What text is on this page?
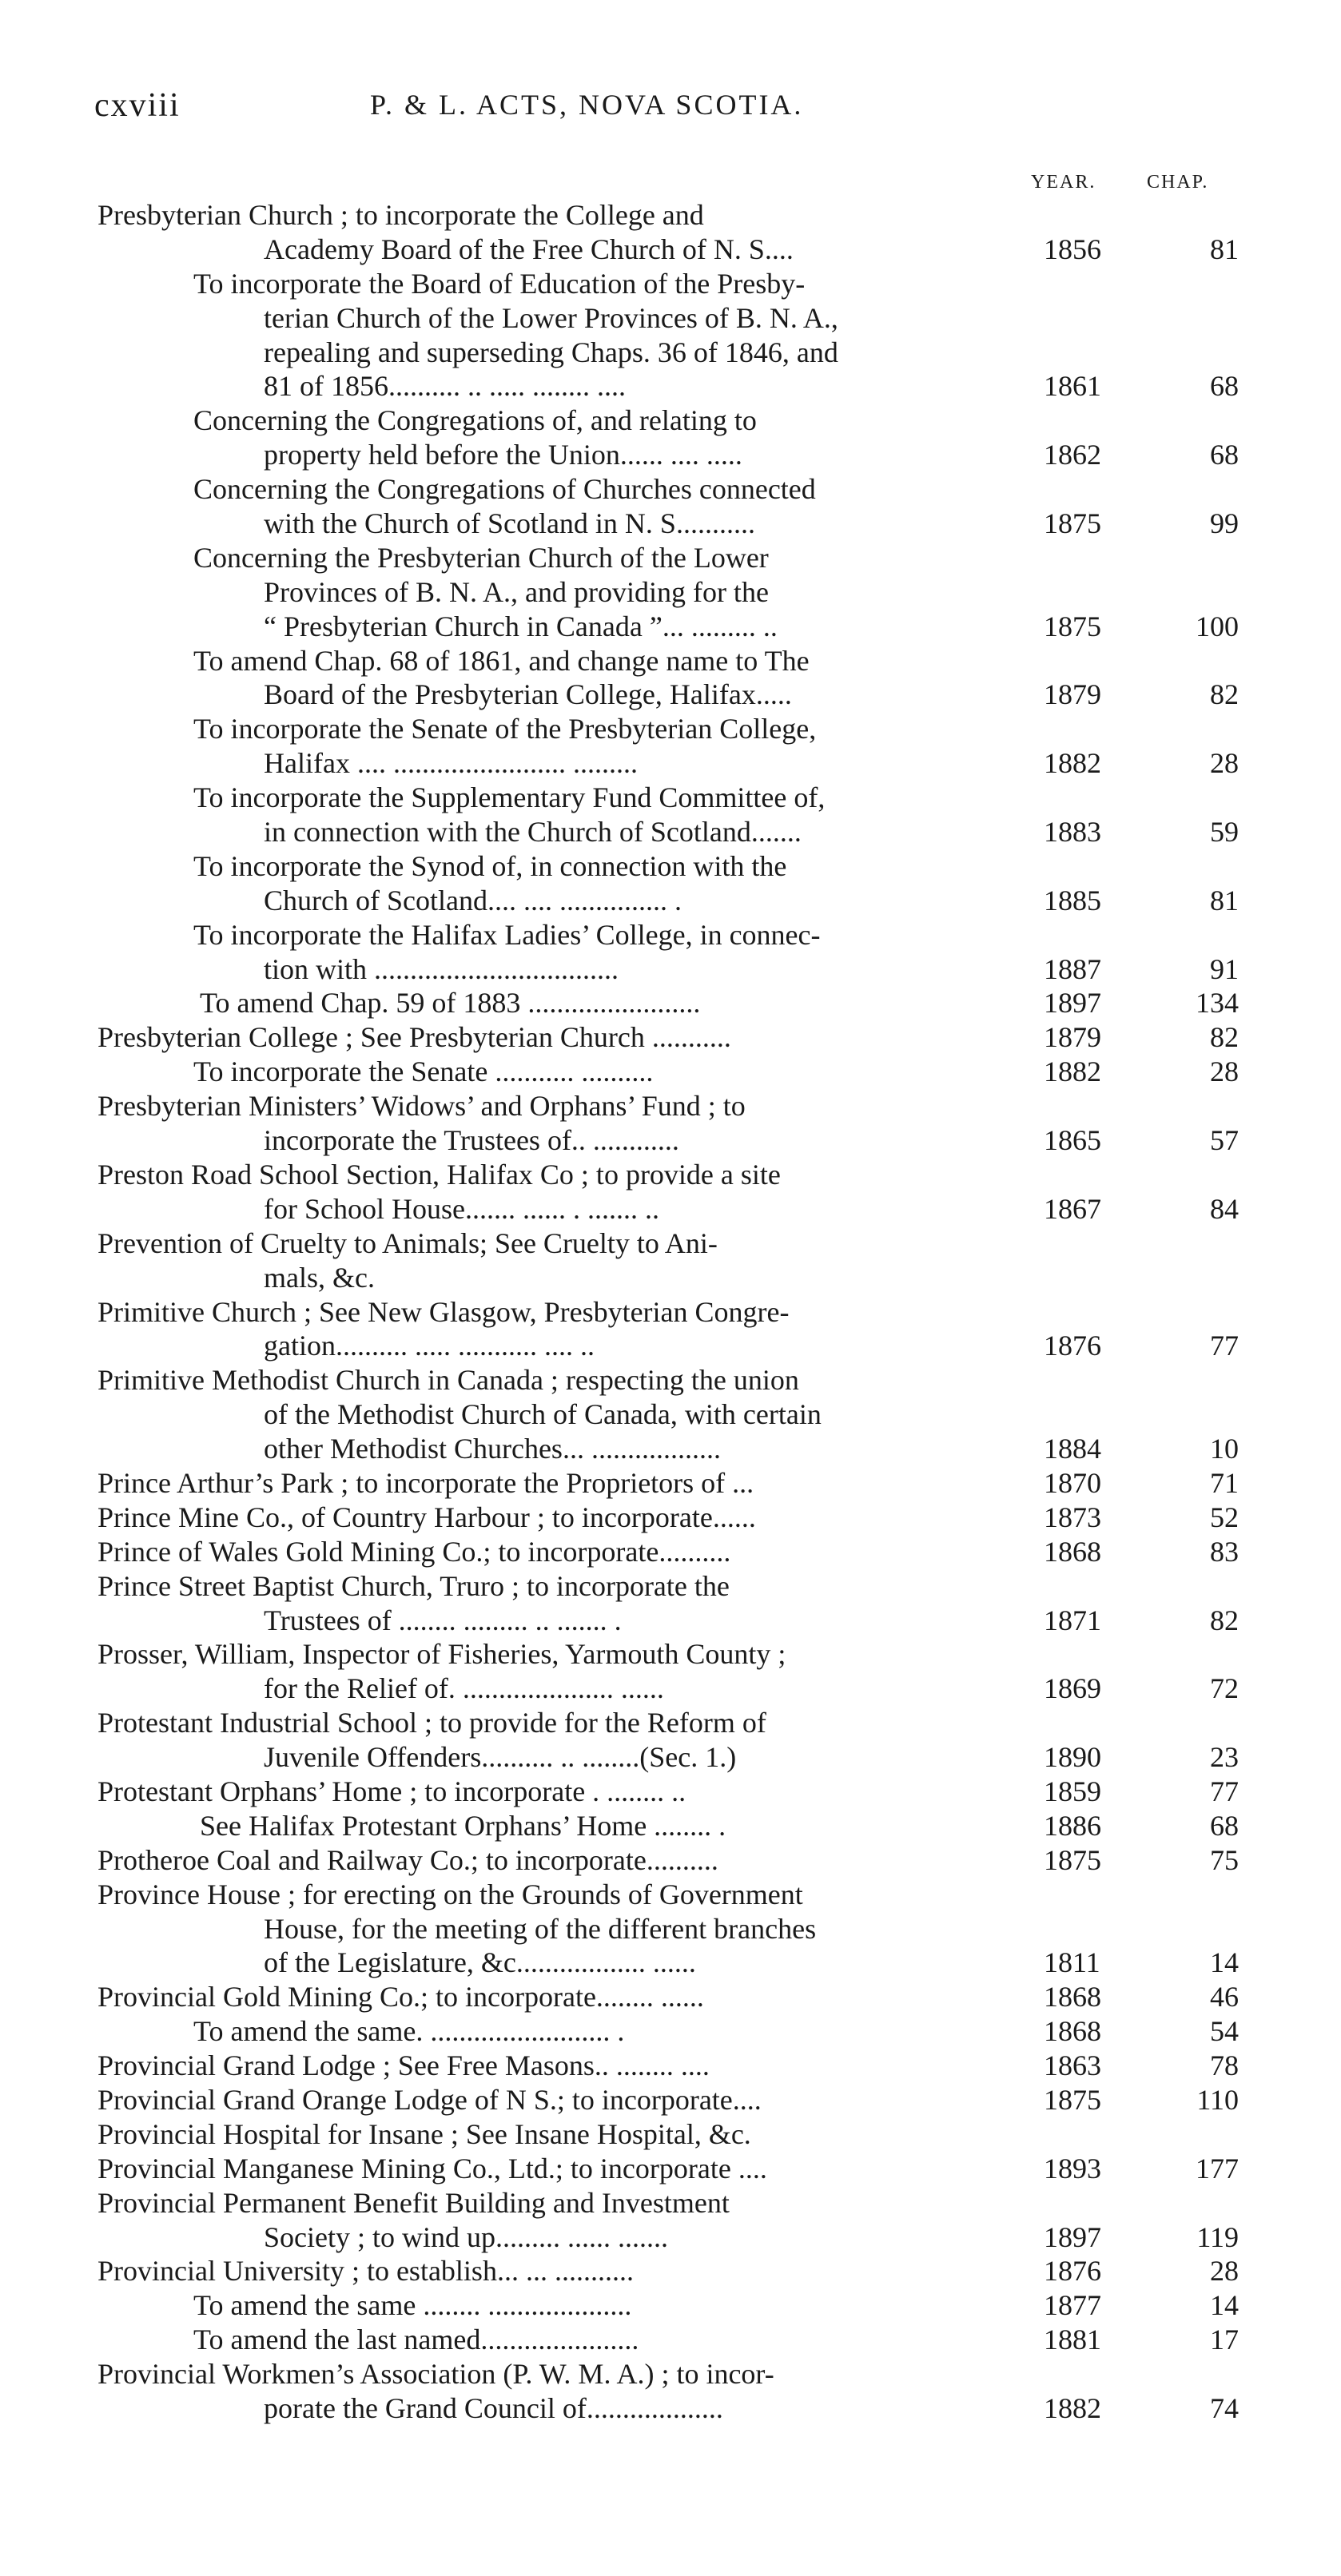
cxviii	P. & L. ACTS, NOVA SCOTIA.
YEAR.	CHAP.
Presbyterian Church ; to incorporate the College and
Academy Board of the Free Church of N. S....	1856	81
To incorporate the Board of Education of the Presby-
terian Church of the Lower Provinces of B. N. A.,
repealing and superseding Chaps. 36 of 1846, and
81 of 1856.......... .. ..... ........ ....	1861	68
Concerning the Congregations of, and relating to
property held before the Union...... .... .....	1862	68
Concerning the Congregations of Churches connected
with the Church of Scotland in N. S...........	1875	99
Concerning the Presbyterian Church of the Lower
Provinces of B. N. A., and providing for the
“ Presbyterian Church in Canada ”... ......... ..	1875	100
To amend Chap. 68 of 1861, and change name to The
Board of the Presbyterian College, Halifax.....	1879	82
To incorporate the Senate of the Presbyterian College,
Halifax .... ........................ .........	1882	28
To incorporate the Supplementary Fund Committee of,
in connection with the Church of Scotland.......	1883	59
To incorporate the Synod of, in connection with the
Church of Scotland.... .... ............... .	1885	81
To incorporate the Halifax Ladies’ College, in connec-
tion with ..................................	1887	91
To amend Chap. 59 of 1883 ........................	1897	134
Presbyterian College ; See Presbyterian Church ...........	1879	82
To incorporate the Senate ........... ..........	1882	28
Presbyterian Ministers’ Widows’ and Orphans’ Fund ; to
incorporate the Trustees of.. ............	1865	57
Preston Road School Section, Halifax Co ; to provide a site
for School House....... ...... . ....... ..	1867	84
Prevention of Cruelty to Animals; See Cruelty to Ani-
mals, &c.
Primitive Church ; See New Glasgow, Presbyterian Congre-
gation.......... ..... ........... .... ..	1876	77
Primitive Methodist Church in Canada ; respecting the union
of the Methodist Church of Canada, with certain
other Methodist Churches... ..................	1884	10
Prince Arthur’s Park ; to incorporate the Proprietors of ...	1870	71
Prince Mine Co., of Country Harbour ; to incorporate......	1873	52
Prince of Wales Gold Mining Co.; to incorporate..........	1868	83
Prince Street Baptist Church, Truro ; to incorporate the
Trustees of ........ ......... .. ....... .	1871	82
Prosser, William, Inspector of Fisheries, Yarmouth County ;
for the Relief of. ..................... ......	1869	72
Protestant Industrial School ; to provide for the Reform of
Juvenile Offenders.......... .. ........(Sec. 1.)	1890	23
Protestant Orphans’ Home ; to incorporate . ........ ..	1859	77
See Halifax Protestant Orphans’ Home ........ .	1886	68
Protheroe Coal and Railway Co.; to incorporate..........	1875	75
Province House ; for erecting on the Grounds of Government
House, for the meeting of the different branches
of the Legislature, &c.................. ......	1811	14
Provincial Gold Mining Co.; to incorporate........ ......	1868	46
To amend the same. ......................... .	1868	54
Provincial Grand Lodge ; See Free Masons.. ........ ....	1863	78
Provincial Grand Orange Lodge of N S.; to incorporate....	1875	110
Provincial Hospital for Insane ; See Insane Hospital, &c.
Provincial Manganese Mining Co., Ltd.; to incorporate ....	1893	177
Provincial Permanent Benefit Building and Investment
Society ; to wind up......... ...... .......	1897	119
Provincial University ; to establish... ... ...........	1876	28
To amend the same ........ ....................	1877	14
To amend the last named......................	1881	17
Provincial Workmen’s Association (P. W. M. A.) ; to incor-
porate the Grand Council of...................	1882	74
